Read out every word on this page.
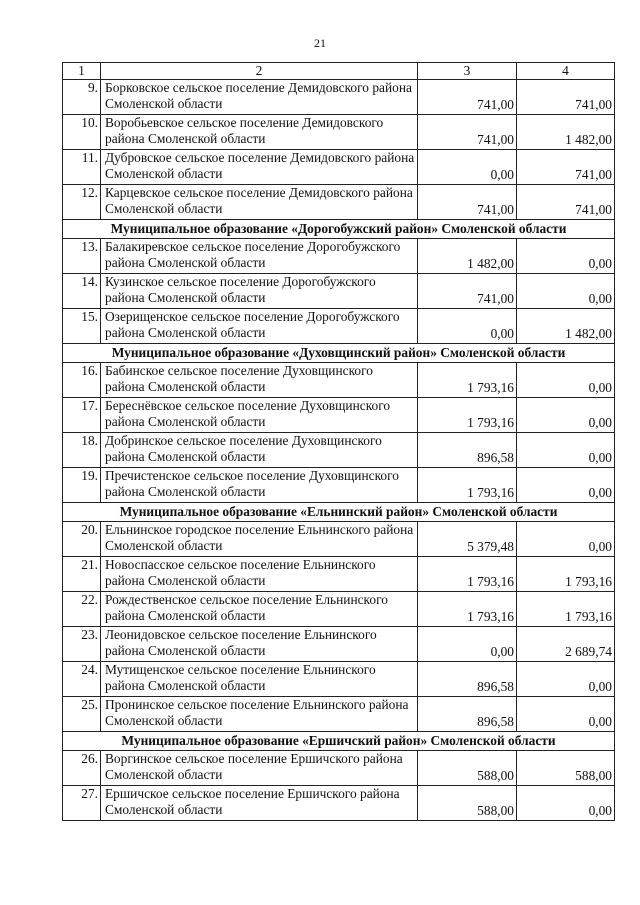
21
1	2	3	4
9.	Борковское сельское поселение Демидовского района Смоленской области	741,00	741,00
10.	Воробьевское сельское поселение Демидовского района Смоленской области	741,00	1 482,00
11.	Дубровское сельское поселение Демидовского района Смоленской области	0,00	741,00
12.	Карцевское сельское поселение Демидовского района Смоленской области	741,00	741,00
Муниципальное образование «Дорогобужский район» Смоленской области			
13.	Балакиревское сельское поселение Дорогобужского района Смоленской области	1 482,00	0,00
14.	Кузинское сельское поселение Дорогобужского района Смоленской области	741,00	0,00
15.	Озерищенское сельское поселение Дорогобужского района Смоленской области	0,00	1 482,00
Муниципальное образование «Духовщинский район» Смоленской области			
16.	Бабинское сельское поселение Духовщинского района Смоленской области	1 793,16	0,00
17.	Береснёвское сельское поселение Духовщинского района Смоленской области	1 793,16	0,00
18.	Добринское сельское поселение Духовщинского района Смоленской области	896,58	0,00
19.	Пречистенское сельское поселение Духовщинского района Смоленской области	1 793,16	0,00
Муниципальное образование «Ельнинский район» Смоленской области			
20.	Ельнинское городское поселение Ельнинского района Смоленской области	5 379,48	0,00
21.	Новоспасское сельское поселение Ельнинского района Смоленской области	1 793,16	1 793,16
22.	Рождественское сельское поселение Ельнинского района Смоленской области	1 793,16	1 793,16
23.	Леонидовское сельское поселение Ельнинского района Смоленской области	0,00	2 689,74
24.	Мутищенское сельское поселение Ельнинского района Смоленской области	896,58	0,00
25.	Пронинское сельское поселение Ельнинского района Смоленской области	896,58	0,00
Муниципальное образование «Ершичский район» Смоленской области			
26.	Воргинское сельское поселение Ершичского района Смоленской области	588,00	588,00
27.	Ершичское сельское поселение Ершичского района Смоленской области	588,00	0,00
